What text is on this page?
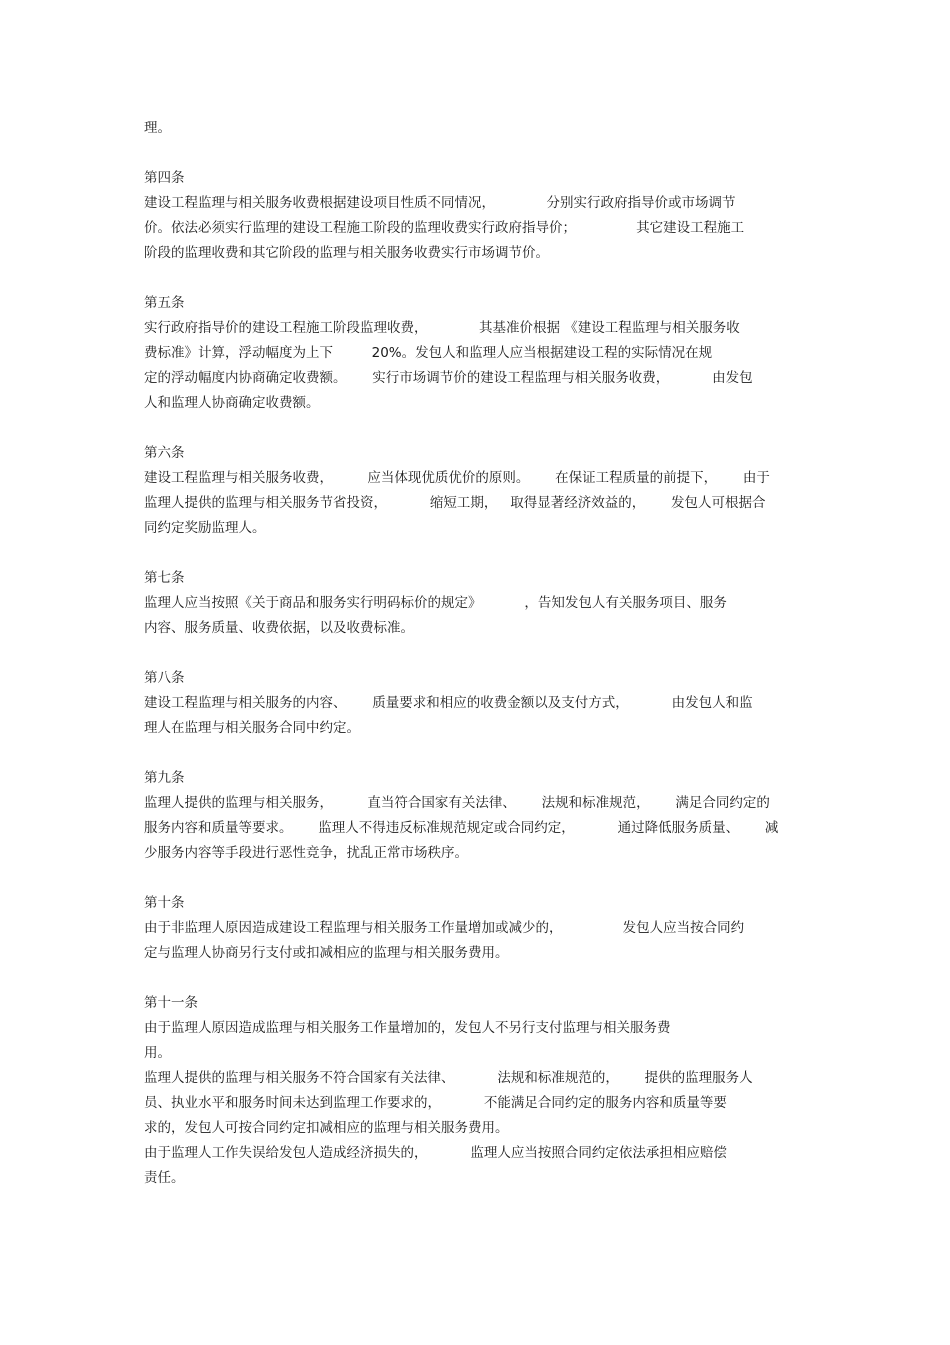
理。
第四条
建设工程监理与相关服务收费根据建设项目性质不同情况，            分别实行政府指导价或市场调节
价。依法必须实行监理的建设工程施工阶段的监理收费实行政府指导价；              其它建设工程施工
阶段的监理收费和其它阶段的监理与相关服务收费实行市场调节价。
第五条
实行政府指导价的建设工程施工阶段监理收费，            其基准价根据 《建设工程监理与相关服务收
费标准》计算，浮动幅度为上下         20%。发包人和监理人应当根据建设工程的实际情况在规
定的浮动幅度内协商确定收费额。      实行市场调节价的建设工程监理与相关服务收费，          由发包
人和监理人协商确定收费额。
第六条
建设工程监理与相关服务收费，        应当体现优质优价的原则。      在保证工程质量的前提下，      由于
监理人提供的监理与相关服务节省投资，          缩短工期，   取得显著经济效益的，      发包人可根据合
同约定奖励监理人。
第七条
监理人应当按照《关于商品和服务实行明码标价的规定》          ，告知发包人有关服务项目、服务
内容、服务质量、收费依据，以及收费标准。
第八条
建设工程监理与相关服务的内容、      质量要求和相应的收费金额以及支付方式，          由发包人和监
理人在监理与相关服务合同中约定。
第九条
监理人提供的监理与相关服务，        直当符合国家有关法律、      法规和标准规范，      满足合同约定的
服务内容和质量等要求。      监理人不得违反标准规范规定或合同约定，          通过降低服务质量、      减
少服务内容等手段进行恶性竞争，扰乱正常市场秩序。
第十条
由于非监理人原因造成建设工程监理与相关服务工作量增加或减少的，              发包人应当按合同约
定与监理人协商另行支付或扣减相应的监理与相关服务费用。
第十一条
由于监理人原因造成监理与相关服务工作量增加的，发包人不另行支付监理与相关服务费
用。
监理人提供的监理与相关服务不符合国家有关法律、          法规和标准规范的，      提供的监理服务人
员、执业水平和服务时间未达到监理工作要求的，          不能满足合同约定的服务内容和质量等要
求的，发包人可按合同约定扣减相应的监理与相关服务费用。
由于监理人工作失误给发包人造成经济损失的，          监理人应当按照合同约定依法承担相应赔偿
责任。
